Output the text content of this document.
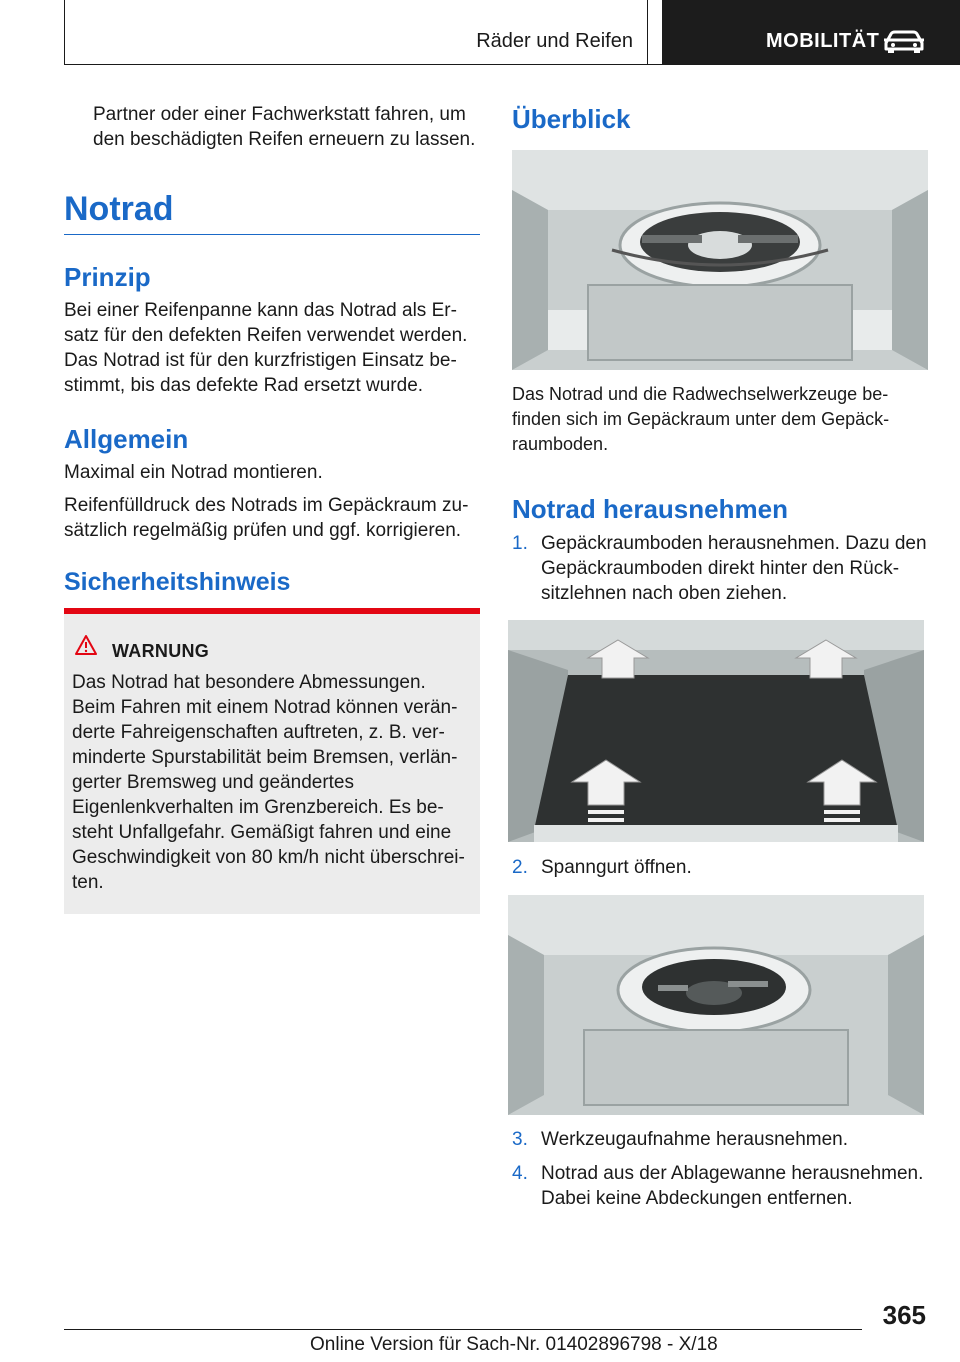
Räder und Reifen	MOBILITÄT

Partner oder einer Fachwerkstatt fahren, um den beschädigten Reifen erneuern zu lassen.

Notrad
Prinzip

Bei einer Reifenpanne kann das Notrad als Er‐satz für den defekten Reifen verwendet werden. Das Notrad ist für den kurzfristigen Einsatz be‐stimmt, bis das defekte Rad ersetzt wurde.

Allgemein

Maximal ein Notrad montieren.

Reifenfülldruck des Notrads im Gepäckraum zu‐sätzlich regelmäßig prüfen und ggf. korrigieren.

Sicherheitshinweis
WARNUNG

Das Notrad hat besondere Abmessungen. Beim Fahren mit einem Notrad können verän‐derte Fahreigenschaften auftreten, z. B. ver‐minderte Spurstabilität beim Bremsen, verlän‐gerter Bremsweg und geändertes Eigenlenkverhalten im Grenzbereich. Es be‐steht Unfallgefahr. Gemäßigt fahren und eine Geschwindigkeit von 80 km/h nicht überschrei‐ten.

Überblick

Das Notrad und die Radwechselwerkzeuge be‐finden sich im Gepäckraum unter dem Gepäck‐raumboden.

Notrad herausnehmen
1. Gepäckraumboden herausnehmen. Dazu den Gepäckraumboden direkt hinter den Rück‐sitzlehnen nach oben ziehen.
2. Spanngurt öffnen.
3. Werkzeugaufnahme herausnehmen.
4. Notrad aus der Ablagewanne herausnehmen. Dabei keine Abdeckungen entfernen.
365
Online Version für Sach-Nr. 01402896798 - X/18
